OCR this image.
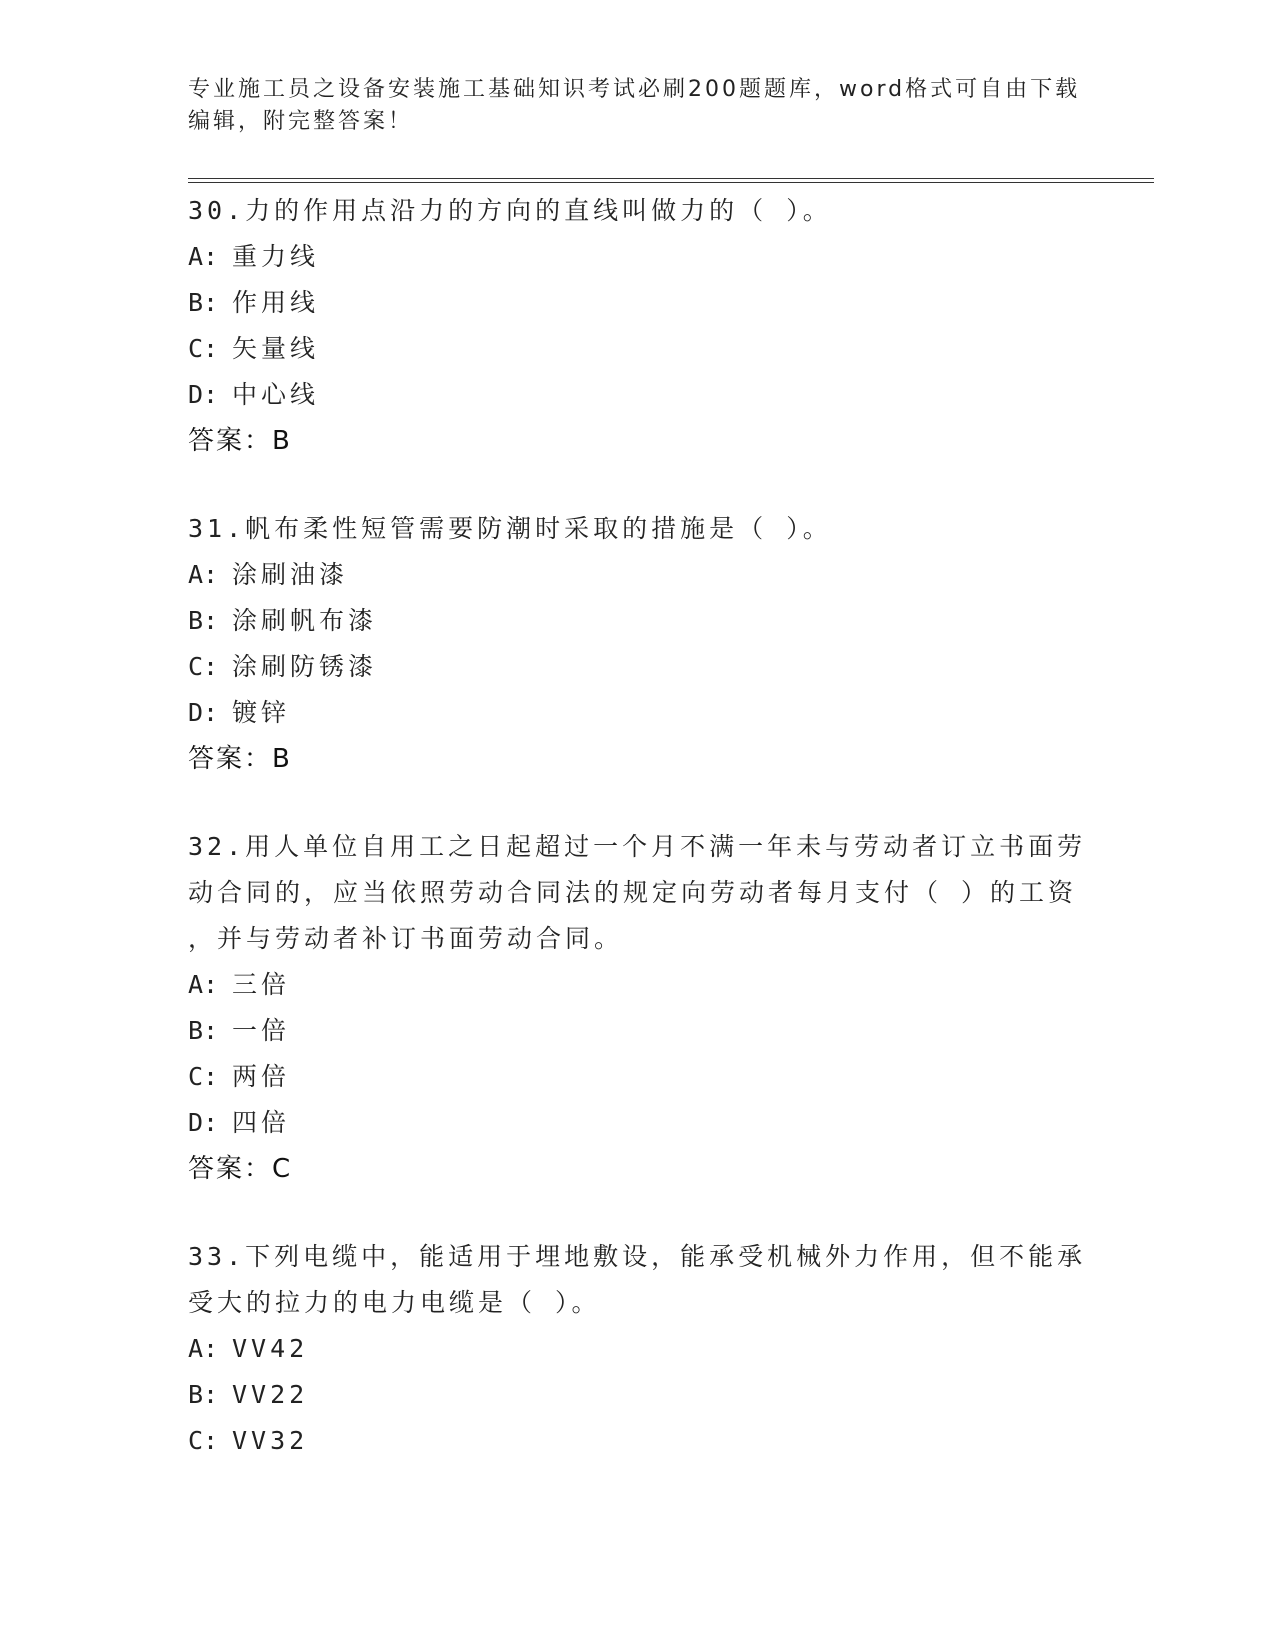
专业施工员之设备安装施工基础知识考试必刷200题题库，word格式可自由下载
编辑，附完整答案！
30.力的作用点沿力的方向的直线叫做力的（ ）。
A: 重力线
B: 作用线
C: 矢量线
D: 中心线
答案：B
31.帆布柔性短管需要防潮时采取的措施是（ ）。
A: 涂刷油漆
B: 涂刷帆布漆
C: 涂刷防锈漆
D: 镀锌
答案：B
32.用人单位自用工之日起超过一个月不满一年未与劳动者订立书面劳
动合同的，应当依照劳动合同法的规定向劳动者每月支付（ ）的工资
，并与劳动者补订书面劳动合同。
A: 三倍
B: 一倍
C: 两倍
D: 四倍
答案：C
33.下列电缆中，能适用于埋地敷设，能承受机械外力作用，但不能承
受大的拉力的电力电缆是（ ）。
A: VV42
B: VV22
C: VV32
